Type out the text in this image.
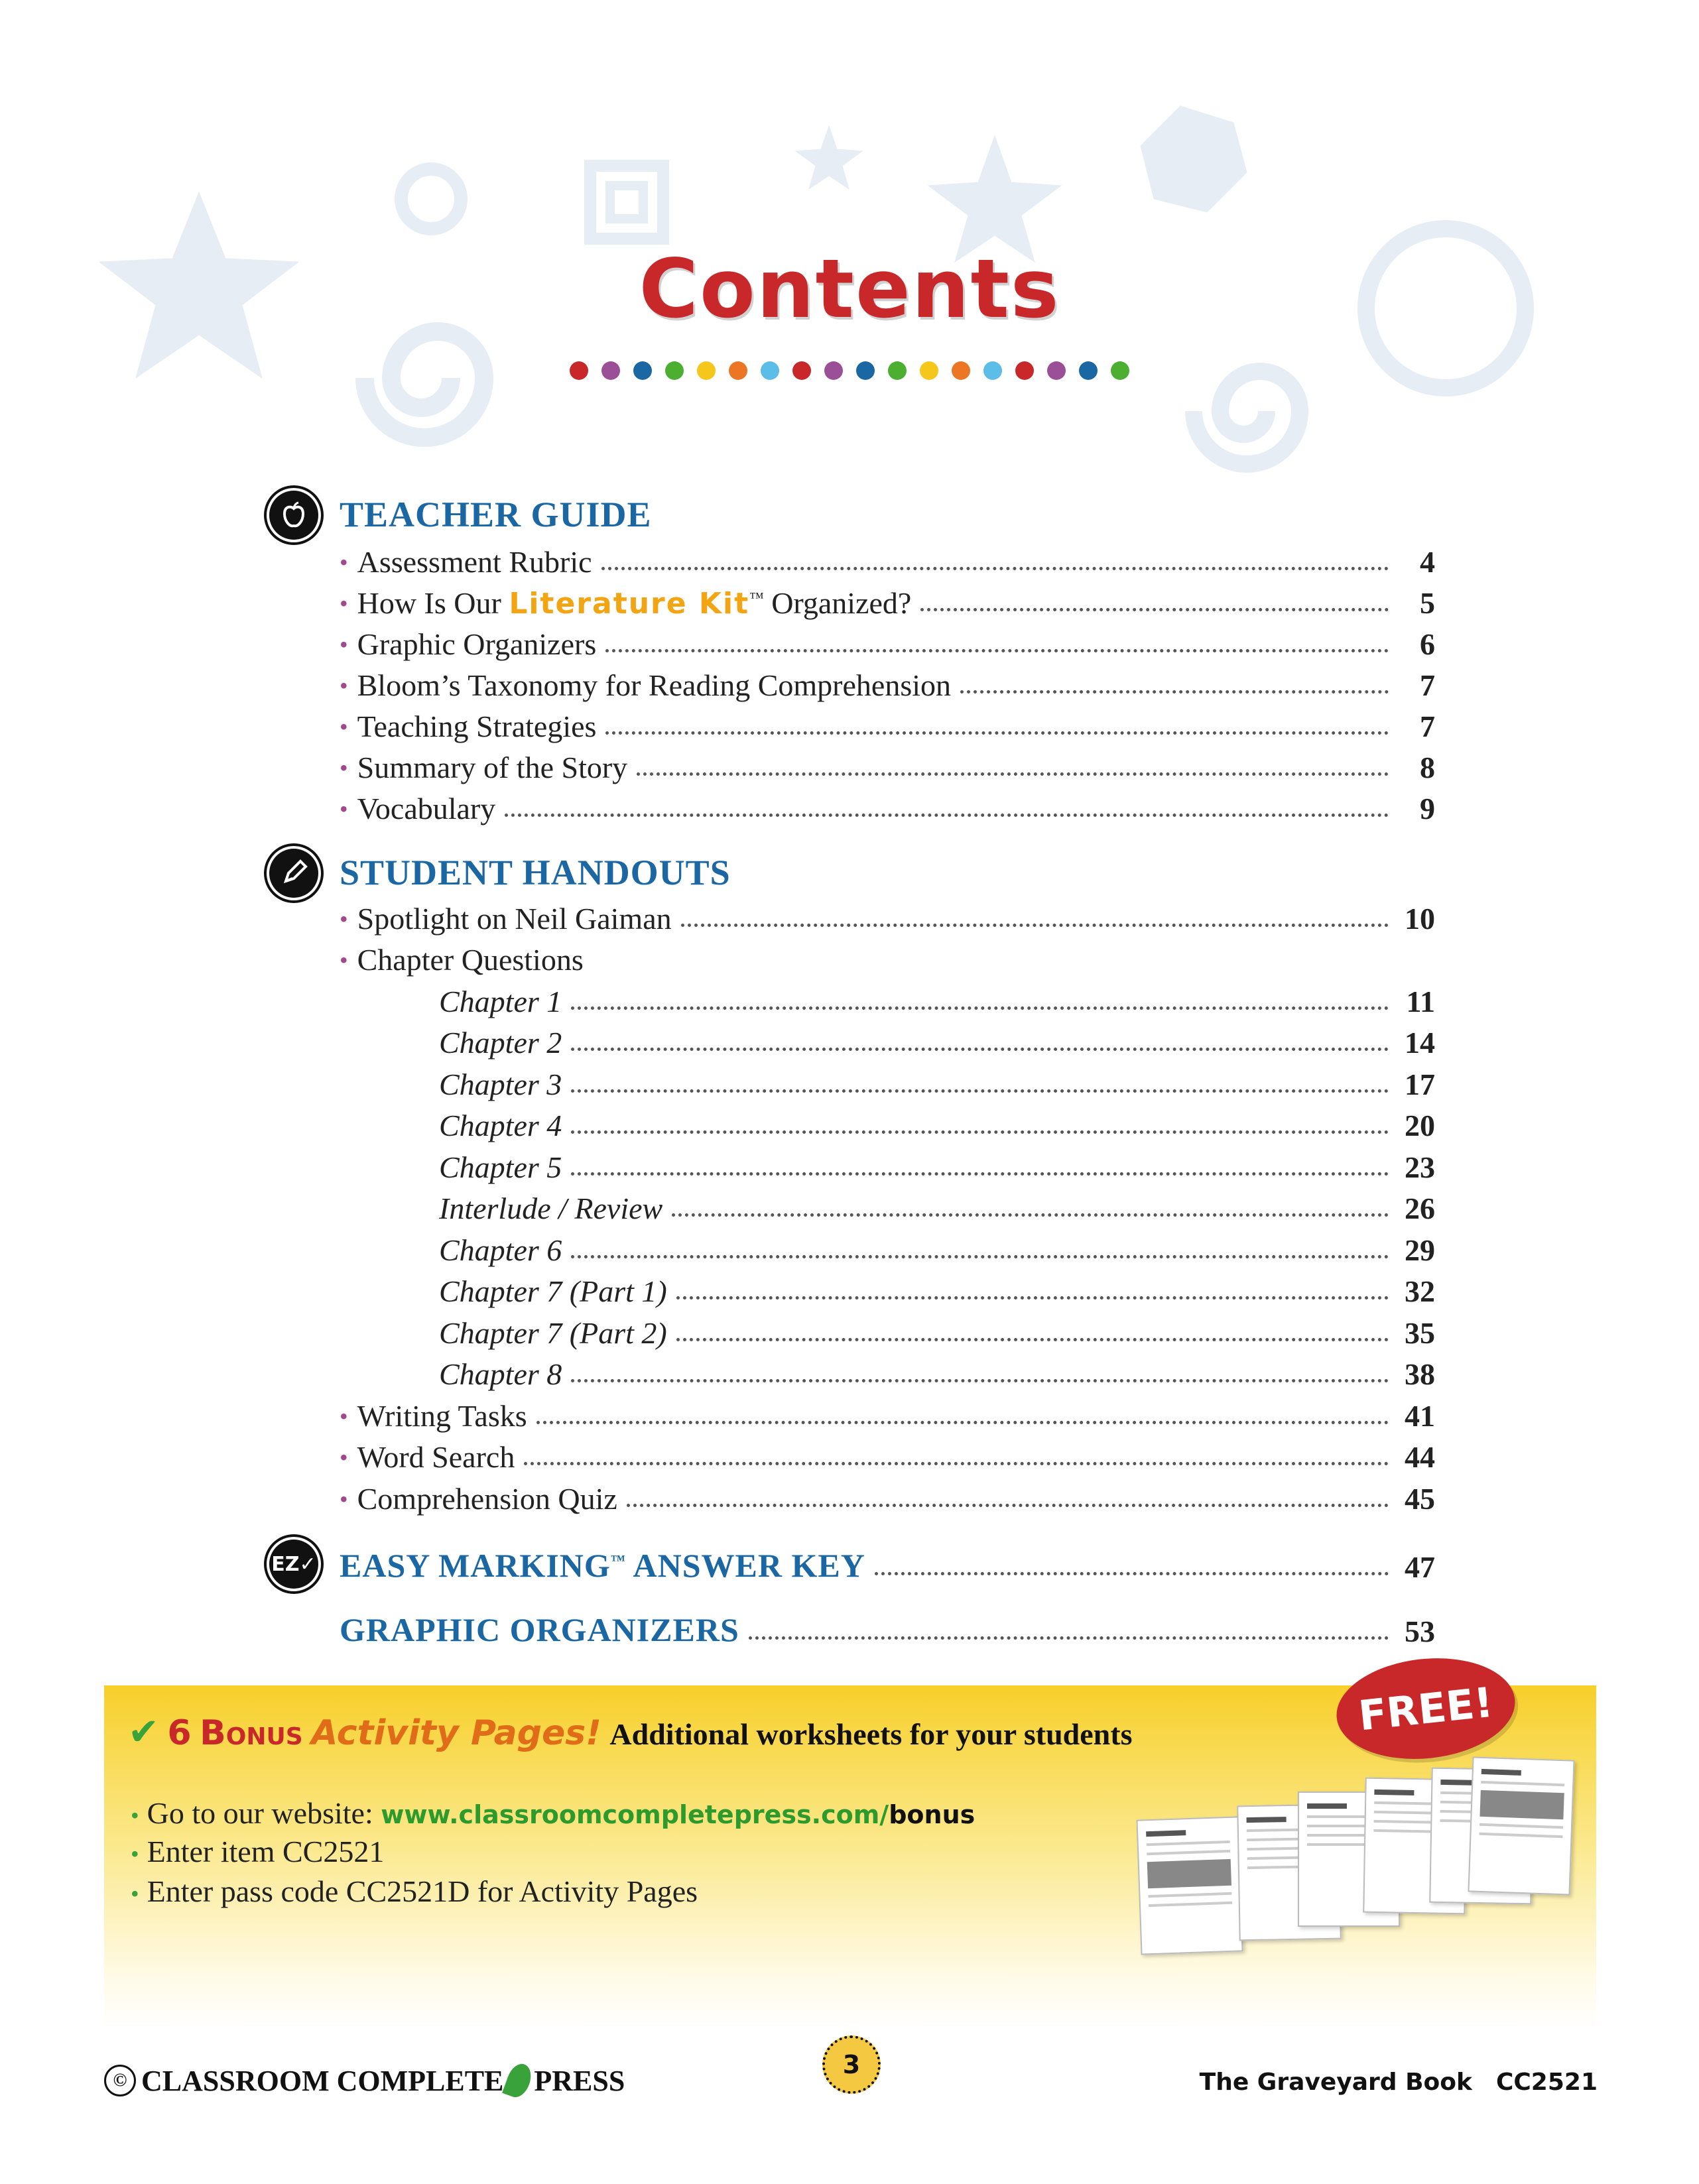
Contents
TEACHER GUIDE
• Assessment Rubric	4
• How Is Our Literature Kit™ Organized?	5
• Graphic Organizers	6
• Bloom’s Taxonomy for Reading Comprehension	7
• Teaching Strategies	7
• Summary of the Story	8
• Vocabulary	9
STUDENT HANDOUTS
• Spotlight on Neil Gaiman	10
• Chapter Questions
Chapter 1	11
Chapter 2	14
Chapter 3	17
Chapter 4	20
Chapter 5	23
Interlude / Review	26
Chapter 6	29
Chapter 7 (Part 1)	32
Chapter 7 (Part 2)	35
Chapter 8	38
• Writing Tasks	41
• Word Search	44
• Comprehension Quiz	45
EZ✓ EASY MARKING™ ANSWER KEY	47
GRAPHIC ORGANIZERS	53
✔ 6 Bonus Activity Pages! Additional worksheets for your students	FREE!
• Go to our website: www.classroomcompletepress.com/bonus
• Enter item CC2521
• Enter pass code CC2521D for Activity Pages
© CLASSROOM COMPLETE PRESS	3
The Graveyard Book CC2521
